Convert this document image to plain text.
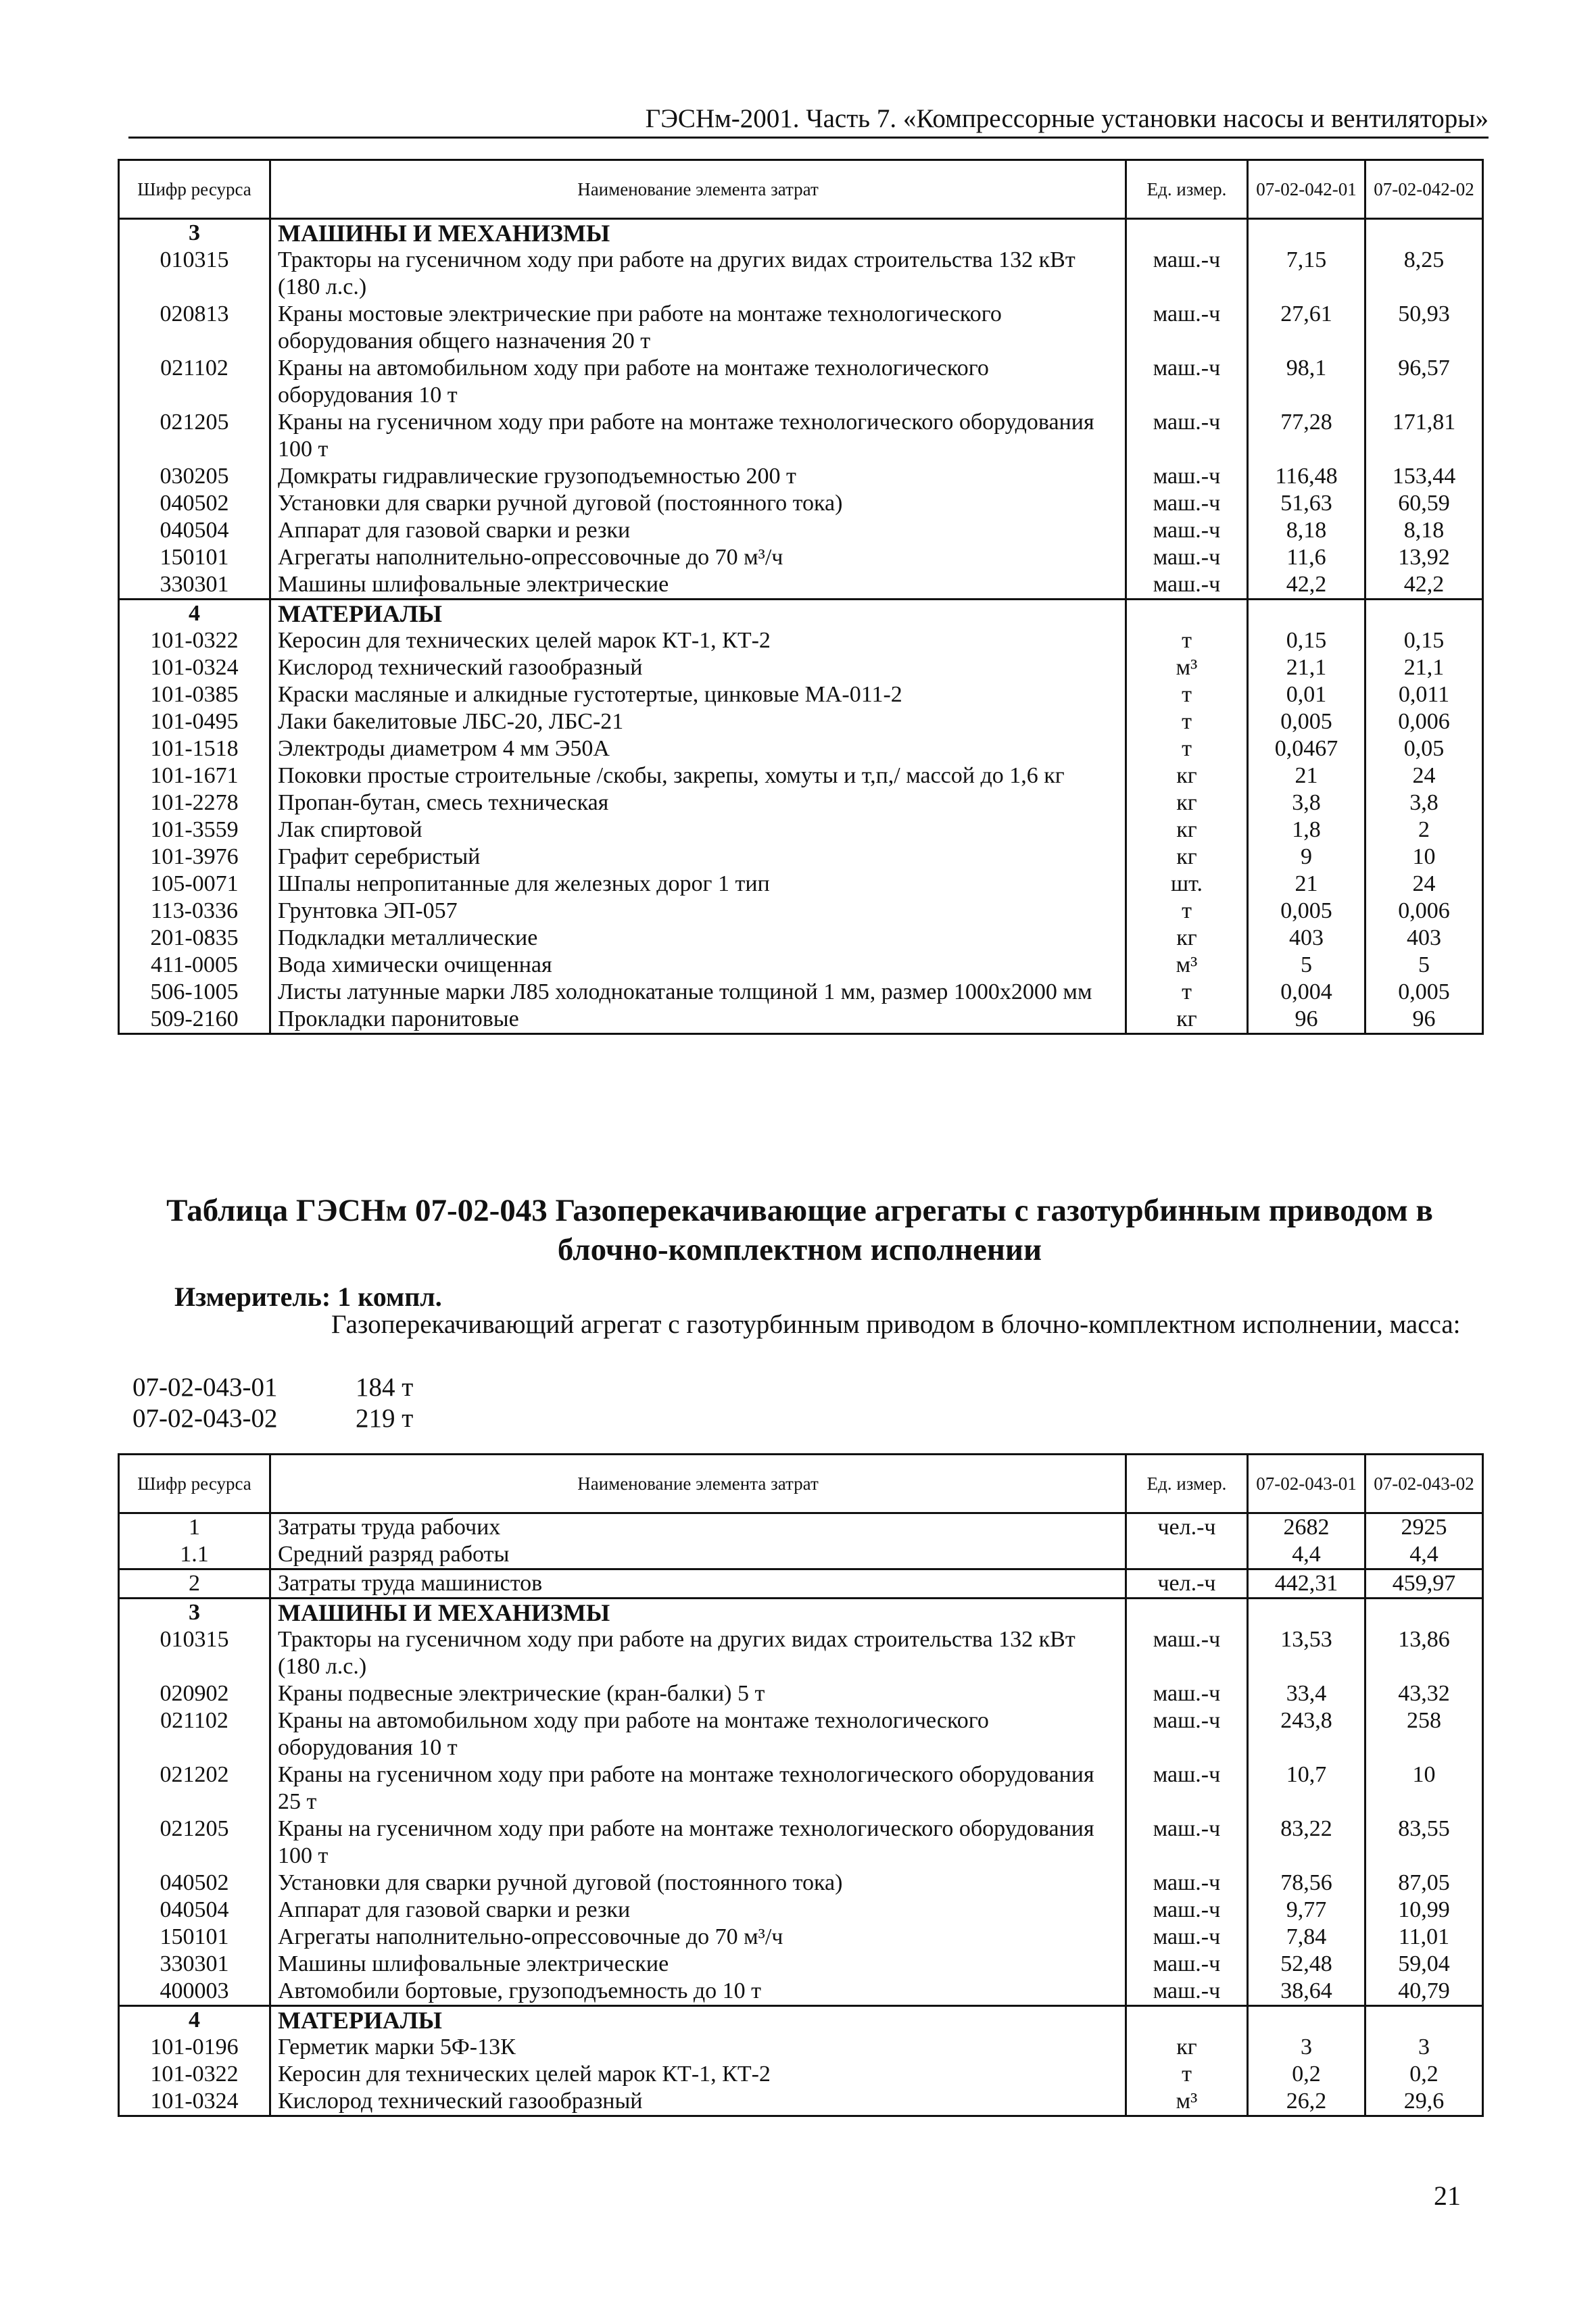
ГЭСНм-2001. Часть 7. «Компрессорные установки насосы и вентиляторы»
Шифр ресурса	Наименование элемента затрат	Ед. измер.	07-02-042-01	07-02-042-02
3	МАШИНЫ И МЕХАНИЗМЫ			
010315	Тракторы на гусеничном ходу при работе на других видах строительства 132 кВт (180 л.с.)	маш.-ч	7,15	8,25
020813	Краны мостовые электрические при работе на монтаже технологического оборудования общего назначения 20 т	маш.-ч	27,61	50,93
021102	Краны на автомобильном ходу при работе на монтаже технологического оборудования 10 т	маш.-ч	98,1	96,57
021205	Краны на гусеничном ходу при работе на монтаже технологического оборудования 100 т	маш.-ч	77,28	171,81
030205	Домкраты гидравлические грузоподъемностью 200 т	маш.-ч	116,48	153,44
040502	Установки для сварки ручной дуговой (постоянного тока)	маш.-ч	51,63	60,59
040504	Аппарат для газовой сварки и резки	маш.-ч	8,18	8,18
150101	Агрегаты наполнительно-опрессовочные до 70 м³/ч	маш.-ч	11,6	13,92
330301	Машины шлифовальные электрические	маш.-ч	42,2	42,2
4	МАТЕРИАЛЫ			
101-0322	Керосин для технических целей марок КТ-1, КТ-2	т	0,15	0,15
101-0324	Кислород технический газообразный	м³	21,1	21,1
101-0385	Краски масляные и алкидные густотертые, цинковые МА-011-2	т	0,01	0,011
101-0495	Лаки бакелитовые ЛБС-20, ЛБС-21	т	0,005	0,006
101-1518	Электроды диаметром 4 мм Э50А	т	0,0467	0,05
101-1671	Поковки простые строительные /скобы, закрепы, хомуты и т,п,/ массой до 1,6 кг	кг	21	24
101-2278	Пропан-бутан, смесь техническая	кг	3,8	3,8
101-3559	Лак спиртовой	кг	1,8	2
101-3976	Графит серебристый	кг	9	10
105-0071	Шпалы непропитанные для железных дорог 1 тип	шт.	21	24
113-0336	Грунтовка ЭП-057	т	0,005	0,006
201-0835	Подкладки металлические	кг	403	403
411-0005	Вода химически очищенная	м³	5	5
506-1005	Листы латунные марки Л85 холоднокатаные толщиной 1 мм, размер 1000x2000 мм	т	0,004	0,005
509-2160	Прокладки паронитовые	кг	96	96
Таблица ГЭСНм 07-02-043 Газоперекачивающие агрегаты с газотурбинным приводом в блочно-комплектном исполнении
Измеритель: 1 компл.
Газоперекачивающий агрегат с газотурбинным приводом в блочно-комплектном исполнении, масса:
07-02-043-01	184 т
07-02-043-02	219 т
Шифр ресурса	Наименование элемента затрат	Ед. измер.	07-02-043-01	07-02-043-02
1	Затраты труда рабочих	чел.-ч	2682	2925
1.1	Средний разряд работы		4,4	4,4
2	Затраты труда машинистов	чел.-ч	442,31	459,97
3	МАШИНЫ И МЕХАНИЗМЫ			
010315	Тракторы на гусеничном ходу при работе на других видах строительства 132 кВт (180 л.с.)	маш.-ч	13,53	13,86
020902	Краны подвесные электрические (кран-балки) 5 т	маш.-ч	33,4	43,32
021102	Краны на автомобильном ходу при работе на монтаже технологического оборудования 10 т	маш.-ч	243,8	258
021202	Краны на гусеничном ходу при работе на монтаже технологического оборудования 25 т	маш.-ч	10,7	10
021205	Краны на гусеничном ходу при работе на монтаже технологического оборудования 100 т	маш.-ч	83,22	83,55
040502	Установки для сварки ручной дуговой (постоянного тока)	маш.-ч	78,56	87,05
040504	Аппарат для газовой сварки и резки	маш.-ч	9,77	10,99
150101	Агрегаты наполнительно-опрессовочные до 70 м³/ч	маш.-ч	7,84	11,01
330301	Машины шлифовальные электрические	маш.-ч	52,48	59,04
400003	Автомобили бортовые, грузоподъемность до 10 т	маш.-ч	38,64	40,79
4	МАТЕРИАЛЫ			
101-0196	Герметик марки 5Ф-13К	кг	3	3
101-0322	Керосин для технических целей марок КТ-1, КТ-2	т	0,2	0,2
101-0324	Кислород технический газообразный	м³	26,2	29,6
21
